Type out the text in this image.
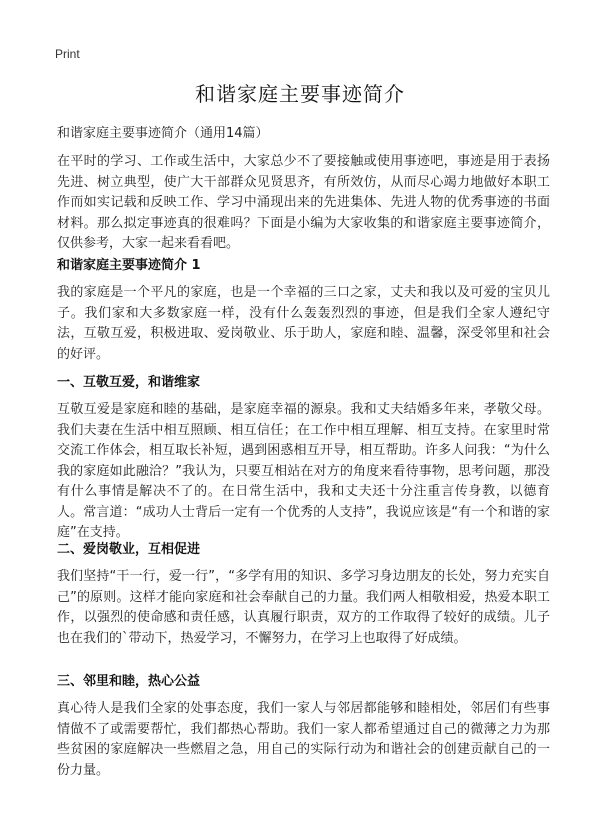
Print
和谐家庭主要事迹简介
和谐家庭主要事迹简介（通用14篇）

在平时的学习、工作或生活中，大家总少不了要接触或使用事迹吧，事迹是用于表扬先进、树立典型，使广大干部群众见贤思齐，有所效仿，从而尽心竭力地做好本职工作而如实记载和反映工作、学习中涌现出来的先进集体、先进人物的优秀事迹的书面材料。那么拟定事迹真的很难吗？下面是小编为大家收集的和谐家庭主要事迹简介，仅供参考，大家一起来看看吧。

和谐家庭主要事迹简介 1

我的家庭是一个平凡的家庭，也是一个幸福的三口之家，丈夫和我以及可爱的宝贝儿子。我们家和大多数家庭一样，没有什么轰轰烈烈的事迹，但是我们全家人遵纪守法，互敬互爱，积极进取、爱岗敬业、乐于助人，家庭和睦、温馨，深受邻里和社会的好评。

一、互敬互爱，和谐维家

互敬互爱是家庭和睦的基础，是家庭幸福的源泉。我和丈夫结婚多年来，孝敬父母。我们夫妻在生活中相互照顾、相互信任；在工作中相互理解、相互支持。在家里时常交流工作体会，相互取长补短，遇到困惑相互开导，相互帮助。许多人问我：“为什么我的家庭如此融洽？”我认为，只要互相站在对方的角度来看待事物，思考问题，那没有什么事情是解决不了的。在日常生活中，我和丈夫还十分注重言传身教，以德育人。常言道：“成功人士背后一定有一个优秀的人支持”，我说应该是“有一个和谐的家庭”在支持。

二、爱岗敬业，互相促进

我们坚持“干一行，爱一行”，“多学有用的知识、多学习身边朋友的长处，努力充实自己”的原则。这样才能向家庭和社会奉献自己的力量。我们两人相敬相爱，热爱本职工作，以强烈的使命感和责任感，认真履行职责，双方的工作取得了较好的成绩。儿子也在我们的`带动下，热爱学习，不懈努力，在学习上也取得了好成绩。

三、邻里和睦，热心公益

真心待人是我们全家的处事态度，我们一家人与邻居都能够和睦相处，邻居们有些事情做不了或需要帮忙，我们都热心帮助。我们一家人都希望通过自己的微薄之力为那些贫困的家庭解决一些燃眉之急，用自己的实际行动为和谐社会的创建贡献自己的一份力量。
